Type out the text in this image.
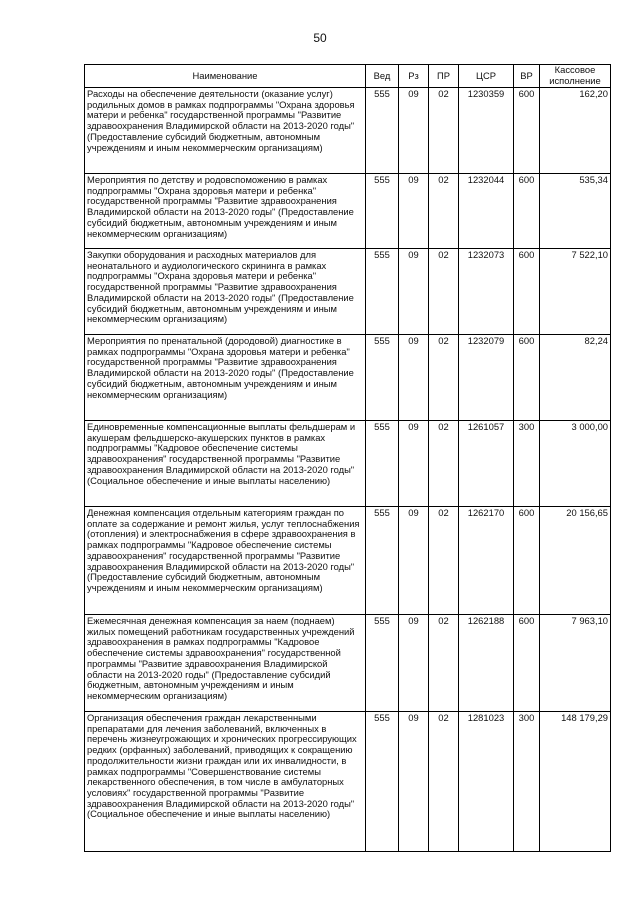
50
Наименование	Вед	Рз	ПР	ЦСР	ВР	Кассовое исполнение
Расходы на обеспечение деятельности (оказание услуг) родильных домов в рамках подпрограммы "Охрана здоровья матери и ребенка" государственной программы "Развитие здравоохранения Владимирской области на 2013-2020 годы" (Предоставление субсидий бюджетным, автономным учреждениям и иным некоммерческим организациям)	555	09	02	1230359	600	162,20
Мероприятия по детству и родовспоможению в рамках подпрограммы "Охрана здоровья матери и ребенка" государственной программы "Развитие здравоохранения Владимирской области на 2013-2020 годы" (Предоставление субсидий бюджетным, автономным учреждениям и иным некоммерческим организациям)	555	09	02	1232044	600	535,34
Закупки оборудования и расходных материалов для неонатального и аудиологического скрининга в рамках подпрограммы "Охрана здоровья матери и ребенка" государственной программы "Развитие здравоохранения Владимирской области на 2013-2020 годы" (Предоставление субсидий бюджетным, автономным учреждениям и иным некоммерческим организациям)	555	09	02	1232073	600	7 522,10
Мероприятия по пренатальной (дородовой) диагностике в рамках подпрограммы "Охрана здоровья матери и ребенка" государственной программы "Развитие здравоохранения Владимирской области на 2013-2020 годы" (Предоставление субсидий бюджетным, автономным учреждениям и иным некоммерческим организациям)	555	09	02	1232079	600	82,24
Единовременные компенсационные выплаты фельдшерам и акушерам фельдшерско-акушерских пунктов в рамках подпрограммы "Кадровое обеспечение системы здравоохранения" государственной программы "Развитие здравоохранения Владимирской области на 2013-2020 годы" (Социальное обеспечение и иные выплаты населению)	555	09	02	1261057	300	3 000,00
Денежная компенсация отдельным категориям граждан по оплате за содержание и ремонт жилья, услуг теплоснабжения (отопления) и электроснабжения в сфере здравоохранения в рамках подпрограммы "Кадровое обеспечение системы здравоохранения" государственной программы "Развитие здравоохранения Владимирской области на 2013-2020 годы" (Предоставление субсидий бюджетным, автономным учреждениям и иным некоммерческим организациям)	555	09	02	1262170	600	20 156,65
Ежемесячная денежная компенсация за наем (поднаем) жилых помещений работникам государственных учреждений здравоохранения в рамках подпрограммы "Кадровое обеспечение системы здравоохранения" государственной программы "Развитие здравоохранения Владимирской области на 2013-2020 годы" (Предоставление субсидий бюджетным, автономным учреждениям и иным некоммерческим организациям)	555	09	02	1262188	600	7 963,10
Организация обеспечения граждан лекарственными препаратами для лечения заболеваний, включенных в перечень жизнеугрожающих и хронических прогрессирующих редких (орфанных) заболеваний, приводящих к сокращению продолжительности жизни граждан или их инвалидности, в рамках подпрограммы "Совершенствование системы лекарственного обеспечения, в том числе в амбулаторных условиях" государственной программы "Развитие здравоохранения Владимирской области на 2013-2020 годы" (Социальное обеспечение и иные выплаты населению)	555	09	02	1281023	300	148 179,29
